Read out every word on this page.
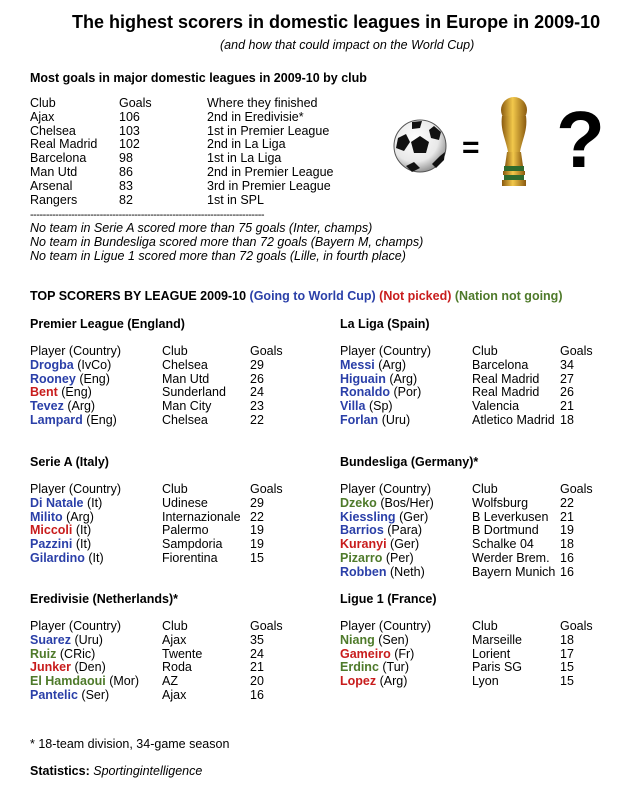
The highest scorers in domestic leagues in Europe in 2009-10
(and how that could impact on the World Cup)
Most goals in major domestic leagues in 2009-10 by club
Club	Goals	Where they finished
Ajax	106	2nd in Eredivisie*
Chelsea	103	1st in Premier League
Real Madrid 102	2nd in La Liga
Barcelona	98	1st in La Liga
Man Utd	86	2nd in Premier League
Arsenal	83	3rd in Premier League
Rangers	82	1st in SPL
--------------------------------------------------------------------------
No team in Serie A scored more than 75 goals (Inter, champs)
No team in Bundesliga scored more than 72 goals (Bayern M, champs)
No team in Ligue 1 scored more than 72 goals (Lille, in fourth place)
= ?
TOP SCORERS BY LEAGUE 2009-10 (Going to World Cup) (Not picked) (Nation not going)
Premier League (England)
Player (Country)	Club	Goals
Drogba (IvCo)	Chelsea	29
Rooney (Eng)	Man Utd	26
Bent (Eng)	Sunderland 24
Tevez (Arg)	Man City	23
Lampard (Eng)	Chelsea	22
La Liga (Spain)
Player (Country)	Club	Goals
Messi (Arg)	Barcelona	34
Higuain (Arg)	Real Madrid 27
Ronaldo (Por)	Real Madrid 26
Villa (Sp)	Valencia	21
Forlan (Uru)	Atletico Madrid 18
Serie A (Italy)
Player (Country)	Club	Goals
Di Natale (It)	Udinese	29
Milito (Arg)	Internazionale 22
Miccoli (It)	Palermo	19
Pazzini (It)	Sampdoria 19
Gilardino (It)	Fiorentina	15
Bundesliga (Germany)*
Player (Country)	Club	Goals
Dzeko (Bos/Her)	Wolfsburg	22
Kiessling (Ger)	B Leverkusen 21
Barrios (Para)	B Dortmund 19
Kuranyi (Ger)	Schalke 04 18
Pizarro (Per)	Werder Brem. 16
Robben (Neth)	Bayern Munich 16
Eredivisie (Netherlands)*
Player (Country)	Club	Goals
Suarez (Uru)	Ajax	35
Ruiz (CRic)	Twente	24
Junker (Den)	Roda	21
El Hamdaoui (Mor) AZ	20
Pantelic (Ser)	Ajax	16
Ligue 1 (France)
Player (Country)	Club	Goals
Niang (Sen)	Marseille	18
Gameiro (Fr)	Lorient	17
Erdinc (Tur)	Paris SG	15
Lopez (Arg)	Lyon	15
* 18-team division, 34-game season
Statistics: Sportingintelligence
